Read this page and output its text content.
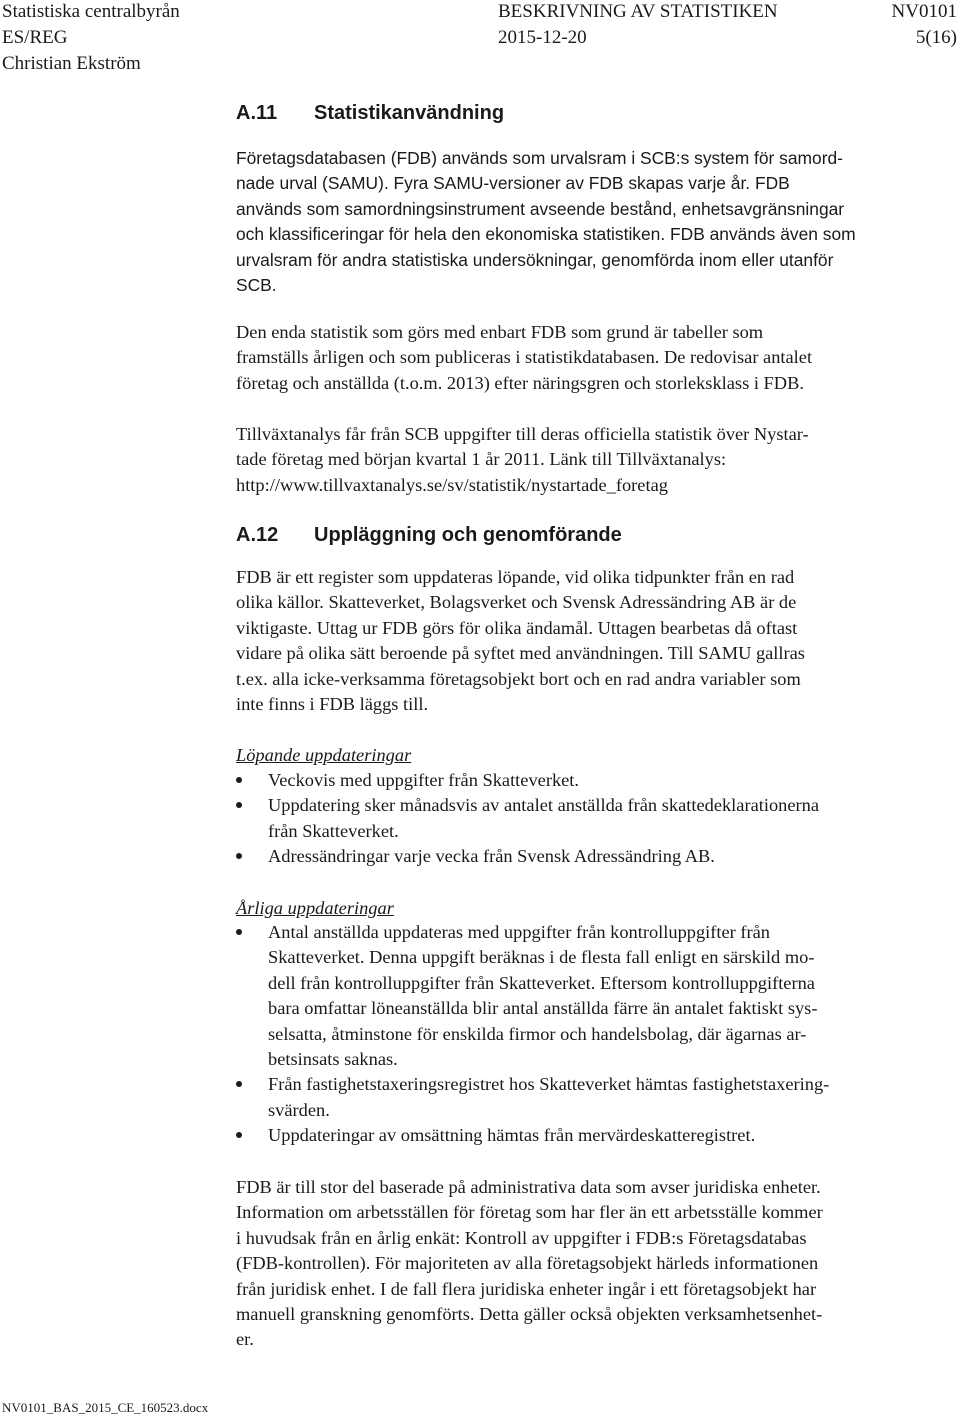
Statistiska centralbyrån
ES/REG
Christian Ekström
BESKRIVNING AV STATISTIKEN
2015-12-20
NV0101
5(16)
A.11 Statistikanvändning
Företagsdatabasen (FDB) används som urvalsram i SCB:s system för samord-
nade urval (SAMU). Fyra SAMU-versioner av FDB skapas varje år. FDB
används som samordningsinstrument avseende bestånd, enhetsavgränsningar
och klassificeringar för hela den ekonomiska statistiken. FDB används även som
urvalsram för andra statistiska undersökningar, genomförda inom eller utanför
SCB.
Den enda statistik som görs med enbart FDB som grund är tabeller som
framställs årligen och som publiceras i statistikdatabasen. De redovisar antalet
företag och anställda (t.o.m. 2013) efter näringsgren och storleksklass i FDB.
Tillväxtanalys får från SCB uppgifter till deras officiella statistik över Nystar-
tade företag med början kvartal 1 år 2011. Länk till Tillväxtanalys:
http://www.tillvaxtanalys.se/sv/statistik/nystartade_foretag
A.12 Uppläggning och genomförande
FDB är ett register som uppdateras löpande, vid olika tidpunkter från en rad
olika källor. Skatteverket, Bolagsverket och Svensk Adressändring AB är de
viktigaste. Uttag ur FDB görs för olika ändamål. Uttagen bearbetas då oftast
vidare på olika sätt beroende på syftet med användningen. Till SAMU gallras
t.ex. alla icke-verksamma företagsobjekt bort och en rad andra variabler som
inte finns i FDB läggs till.
Löpande uppdateringar
Veckovis med uppgifter från Skatteverket.
Uppdatering sker månadsvis av antalet anställda från skattedeklarationerna
från Skatteverket.
Adressändringar varje vecka från Svensk Adressändring AB.
Årliga uppdateringar
Antal anställda uppdateras med uppgifter från kontrolluppgifter från
Skatteverket. Denna uppgift beräknas i de flesta fall enligt en särskild mo-
dell från kontrolluppgifter från Skatteverket. Eftersom kontrolluppgifterna
bara omfattar löneanställda blir antal anställda färre än antalet faktiskt sys-
selsatta, åtminstone för enskilda firmor och handelsbolag, där ägarnas ar-
betsinsats saknas.
Från fastighetstaxeringsregistret hos Skatteverket hämtas fastighetstaxering-
svärden.
Uppdateringar av omsättning hämtas från mervärdeskatteregistret.
FDB är till stor del baserade på administrativa data som avser juridiska enheter.
Information om arbetsställen för företag som har fler än ett arbetsställe kommer
i huvudsak från en årlig enkät: Kontroll av uppgifter i FDB:s Företagsdatabas
(FDB-kontrollen). För majoriteten av alla företagsobjekt härleds informationen
från juridisk enhet. I de fall flera juridiska enheter ingår i ett företagsobjekt har
manuell granskning genomförts. Detta gäller också objekten verksamhetsenhet-
er.
NV0101_BAS_2015_CE_160523.docx
